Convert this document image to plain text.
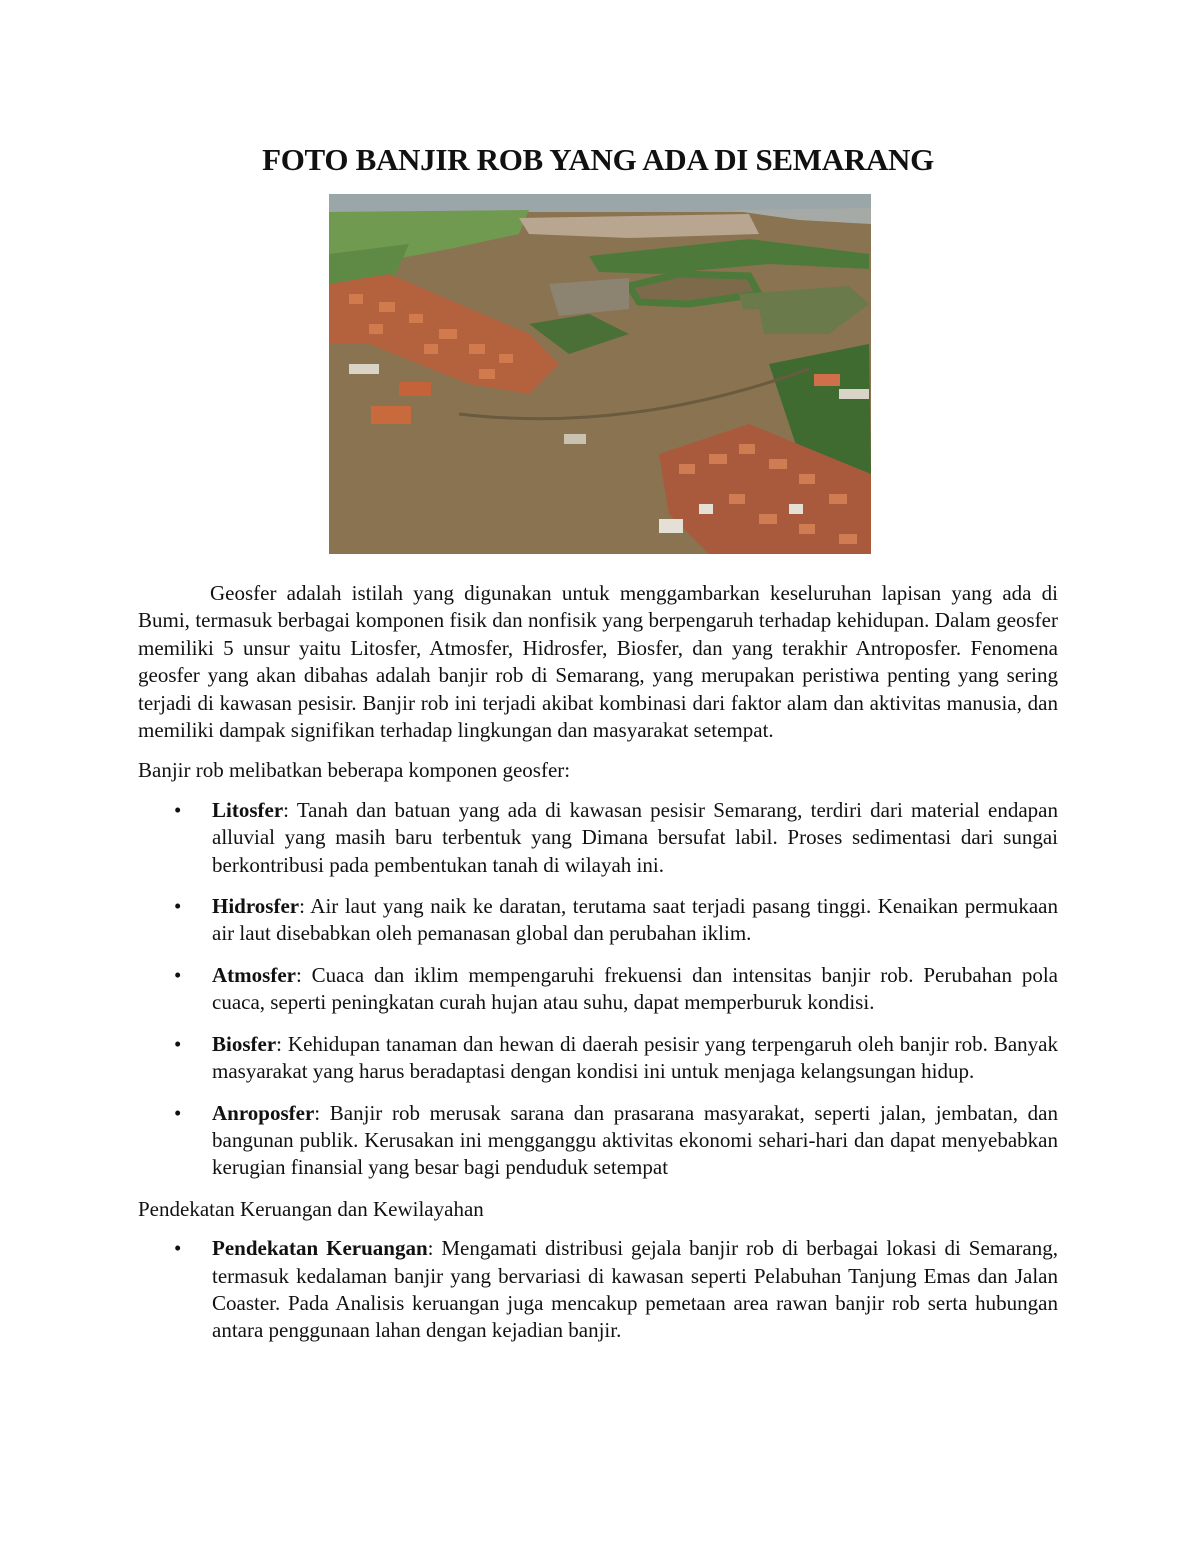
FOTO BANJIR ROB YANG ADA DI SEMARANG

Geosfer adalah istilah yang digunakan untuk menggambarkan keseluruhan lapisan yang ada di Bumi, termasuk berbagai komponen fisik dan nonfisik yang berpengaruh terhadap kehidupan. Dalam geosfer memiliki 5 unsur yaitu Litosfer, Atmosfer, Hidrosfer, Biosfer, dan yang terakhir Antroposfer. Fenomena geosfer yang akan dibahas adalah banjir rob di Semarang, yang merupakan peristiwa penting yang sering terjadi di kawasan pesisir. Banjir rob ini terjadi akibat kombinasi dari faktor alam dan aktivitas manusia, dan memiliki dampak signifikan terhadap lingkungan dan masyarakat setempat.

Banjir rob melibatkan beberapa komponen geosfer:

• Litosfer: Tanah dan batuan yang ada di kawasan pesisir Semarang, terdiri dari material endapan alluvial yang masih baru terbentuk yang Dimana bersufat labil. Proses sedimentasi dari sungai berkontribusi pada pembentukan tanah di wilayah ini.
• Hidrosfer: Air laut yang naik ke daratan, terutama saat terjadi pasang tinggi. Kenaikan permukaan air laut disebabkan oleh pemanasan global dan perubahan iklim.
• Atmosfer: Cuaca dan iklim mempengaruhi frekuensi dan intensitas banjir rob. Perubahan pola cuaca, seperti peningkatan curah hujan atau suhu, dapat memperburuk kondisi.
• Biosfer: Kehidupan tanaman dan hewan di daerah pesisir yang terpengaruh oleh banjir rob. Banyak masyarakat yang harus beradaptasi dengan kondisi ini untuk menjaga kelangsungan hidup.
• Anroposfer: Banjir rob merusak sarana dan prasarana masyarakat, seperti jalan, jembatan, dan bangunan publik. Kerusakan ini mengganggu aktivitas ekonomi sehari-hari dan dapat menyebabkan kerugian finansial yang besar bagi penduduk setempat

Pendekatan Keruangan dan Kewilayahan

• Pendekatan Keruangan: Mengamati distribusi gejala banjir rob di berbagai lokasi di Semarang, termasuk kedalaman banjir yang bervariasi di kawasan seperti Pelabuhan Tanjung Emas dan Jalan Coaster. Pada Analisis keruangan juga mencakup pemetaan area rawan banjir rob serta hubungan antara penggunaan lahan dengan kejadian banjir.
